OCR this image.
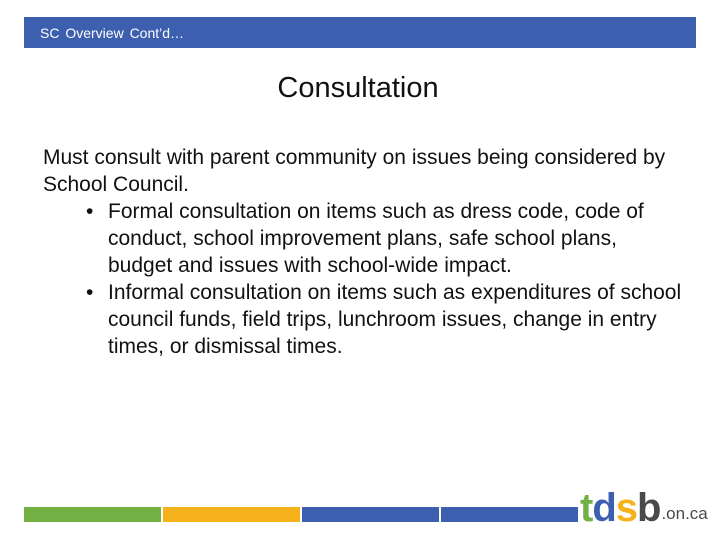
SC Overview Cont’d…
Consultation

Must consult with parent community on issues being considered by School Council.

• Formal consultation on items such as dress code, code of conduct, school improvement plans, safe school plans, budget and issues with school-wide impact.
• Informal consultation on items such as expenditures of school council funds, field trips, lunchroom issues, change in entry times, or dismissal times.
tdsb .on.ca
